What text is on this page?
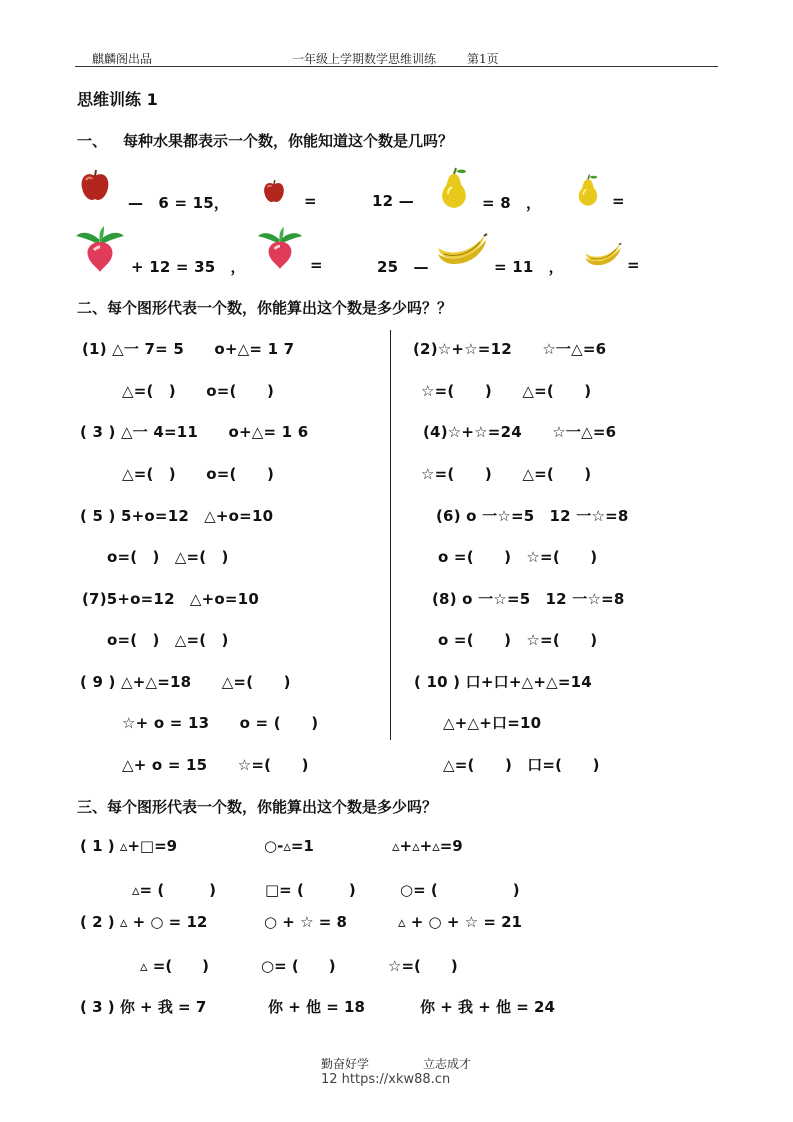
麒麟阁出品	一年级上学期数学思维训练	第1页
思维训练 1
一、 每种水果都表示一个数，你能知道这个数是几吗？
—　6 = 15，	=	12 —	= 8　，	=
+ 12 = 35　，	=	25　—	= 11　，	=
二、每个图形代表一个数，你能算出这个数是多少吗？？
(1) △一 7= 5　　o+△= 1 7
△=(　)　　o=(　　)
( 3 ) △一 4=11　　o+△= 1 6
△=(　)　　o=(　　)
( 5 ) 5+o=12　△+o=10
o=(　)　△=(　)
(7)5+o=12　△+o=10
o=(　)　△=(　)
( 9 ) △+△=18　　△=(　　)
☆+ o = 13　　o = (　　)
△+ o = 15　　☆=(　　)
(2)☆+☆=12　　☆一△=6
☆=(　　)　　△=(　　)
(4)☆+☆=24　　☆一△=6
☆=(　　)　　△=(　　)
(6) o 一☆=5　12 一☆=8
o =(　　)　☆=(　　)
(8) o 一☆=5　12 一☆=8
o =(　　)　☆=(　　)
( 10 ) 口+口+△+△=14
△+△+口=10
△=(　　)　口=(　　)
三、每个图形代表一个数，你能算出这个数是多少吗？
( 1 ) ▵+□=9	○-▵=1	▵+▵+▵=9
▵= (　　　)	□= (　　　)	○= (　　　　　)
( 2 ) ▵ + ○ = 12	○ + ☆ = 8	▵ + ○ + ☆ = 21
▵ =(　　)	○= (　　)	☆=(　　)
( 3 ) 你 + 我 = 7	你 + 他 = 18	你 + 我 + 他 = 24
勤奋好学	立志成才
12 https://xkw88.cn
